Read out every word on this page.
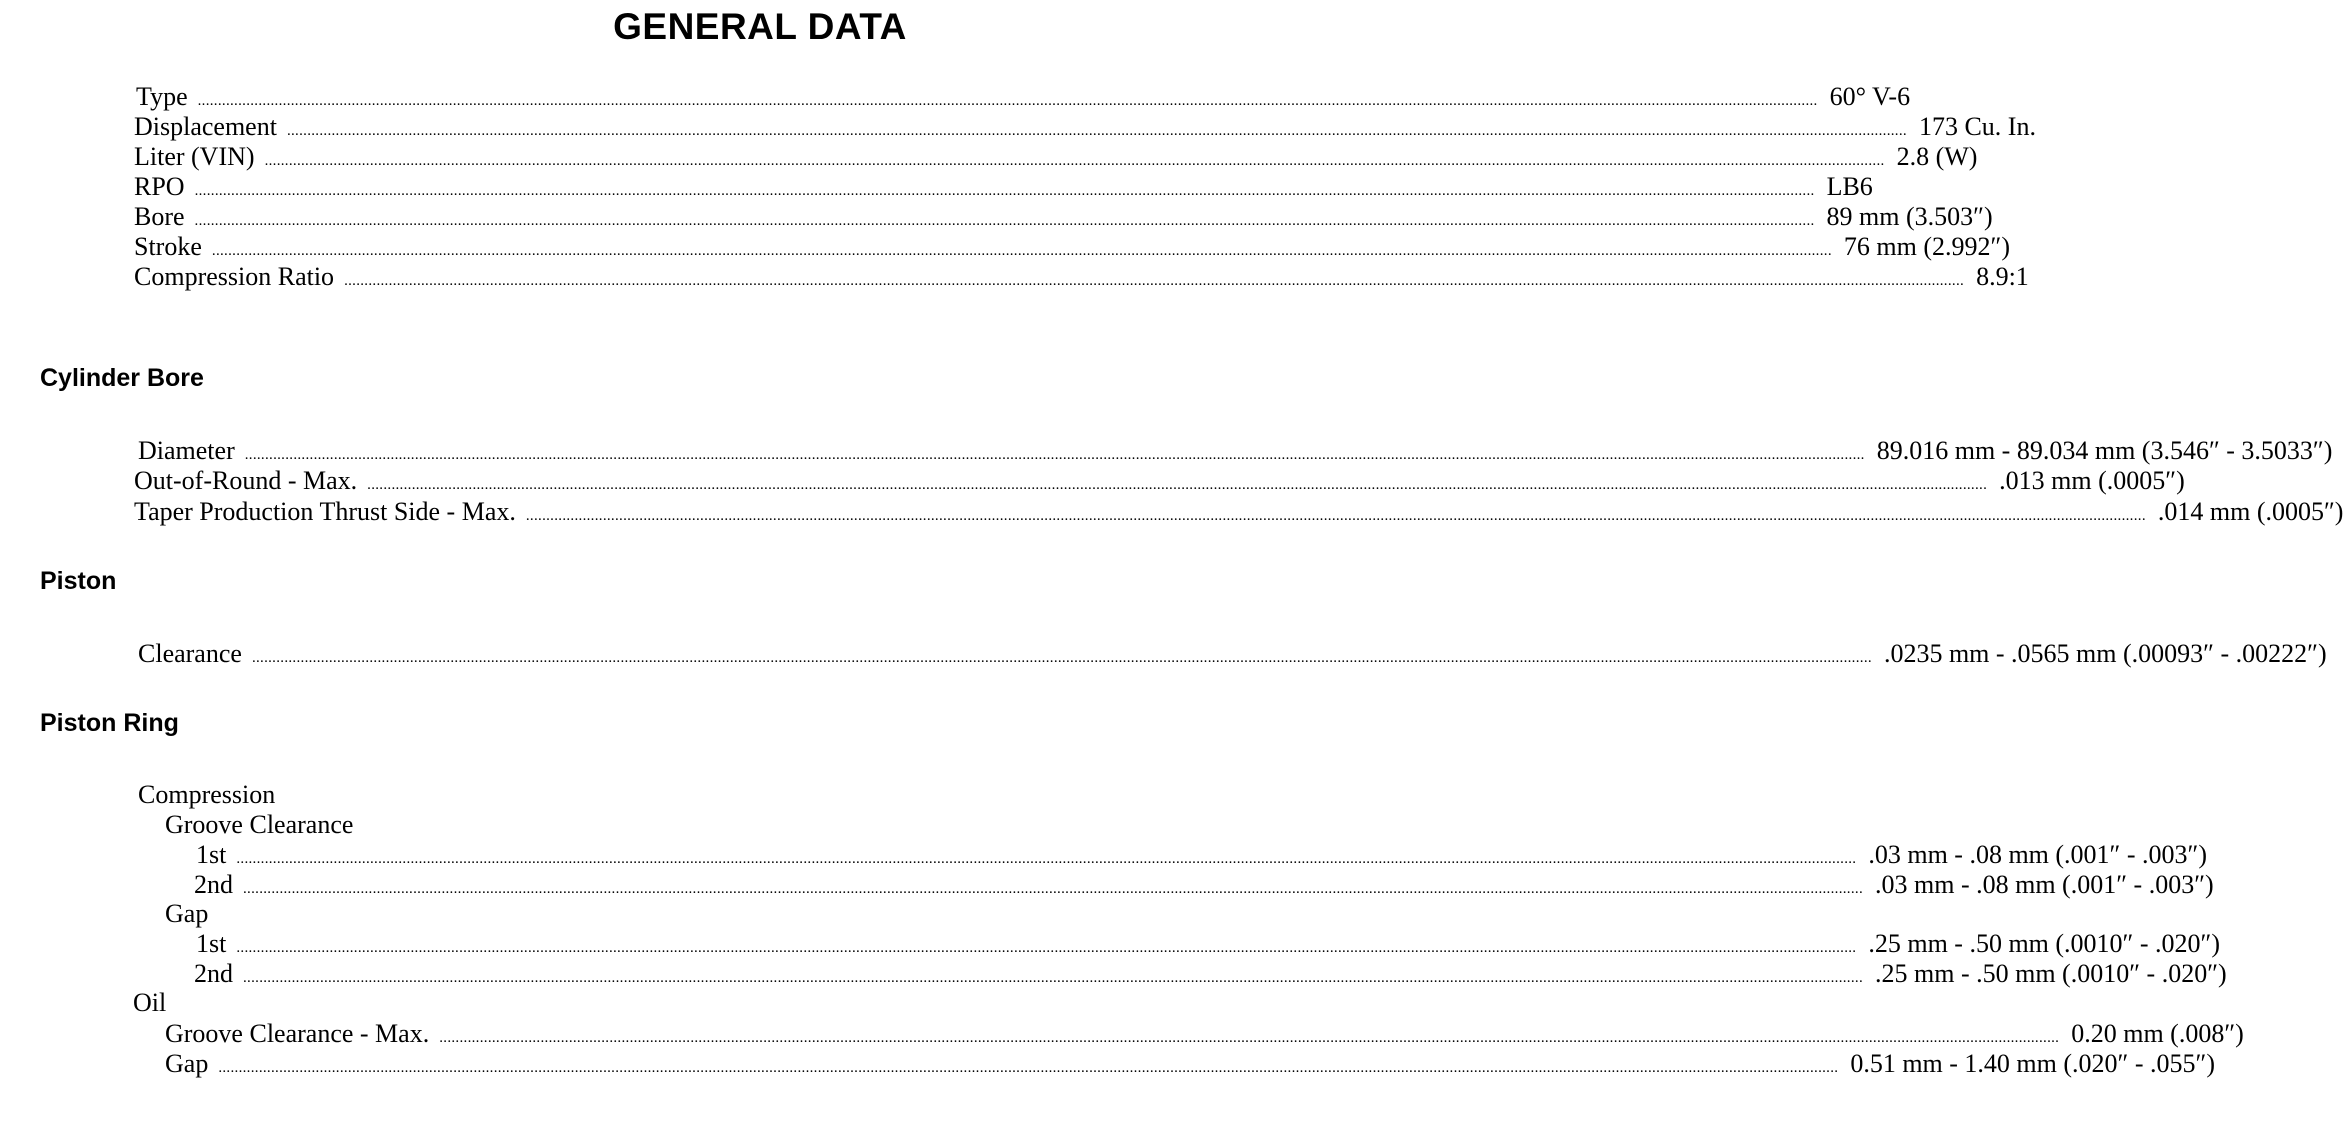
GENERAL DATA
Type ................................................................................................................................................................................................................................................................................................................................................................................................................ 60° V-6
Displacement ................................................................................................................................................................................................................................................................................................................................................................................................................ 173 Cu. In.
Liter (VIN) ................................................................................................................................................................................................................................................................................................................................................................................................................ 2.8 (W)
RPO ................................................................................................................................................................................................................................................................................................................................................................................................................ LB6
Bore ................................................................................................................................................................................................................................................................................................................................................................................................................ 89 mm (3.503″)
Stroke ................................................................................................................................................................................................................................................................................................................................................................................................................ 76 mm (2.992″)
Compression Ratio ................................................................................................................................................................................................................................................................................................................................................................................................................ 8.9:1
Cylinder Bore
Diameter ................................................................................................................................................................................................................................................................................................................................................................................................................ 89.016 mm - 89.034 mm (3.546″ - 3.5033″)
Out-of-Round - Max. ................................................................................................................................................................................................................................................................................................................................................................................................................ .013 mm (.0005″)
Taper Production Thrust Side - Max. ................................................................................................................................................................................................................................................................................................................................................................................................................ .014 mm (.0005″)
Piston
Clearance ................................................................................................................................................................................................................................................................................................................................................................................................................ .0235 mm - .0565 mm (.00093″ - .00222″)
Piston Ring
Compression
Groove Clearance
1st ................................................................................................................................................................................................................................................................................................................................................................................................................ .03 mm - .08 mm (.001″ - .003″)
2nd ................................................................................................................................................................................................................................................................................................................................................................................................................ .03 mm - .08 mm (.001″ - .003″)
Gap
1st ................................................................................................................................................................................................................................................................................................................................................................................................................ .25 mm - .50 mm (.0010″ - .020″)
2nd ................................................................................................................................................................................................................................................................................................................................................................................................................ .25 mm - .50 mm (.0010″ - .020″)
Oil
Groove Clearance - Max. ................................................................................................................................................................................................................................................................................................................................................................................................................ 0.20 mm (.008″)
Gap ................................................................................................................................................................................................................................................................................................................................................................................................................ 0.51 mm - 1.40 mm (.020″ - .055″)
